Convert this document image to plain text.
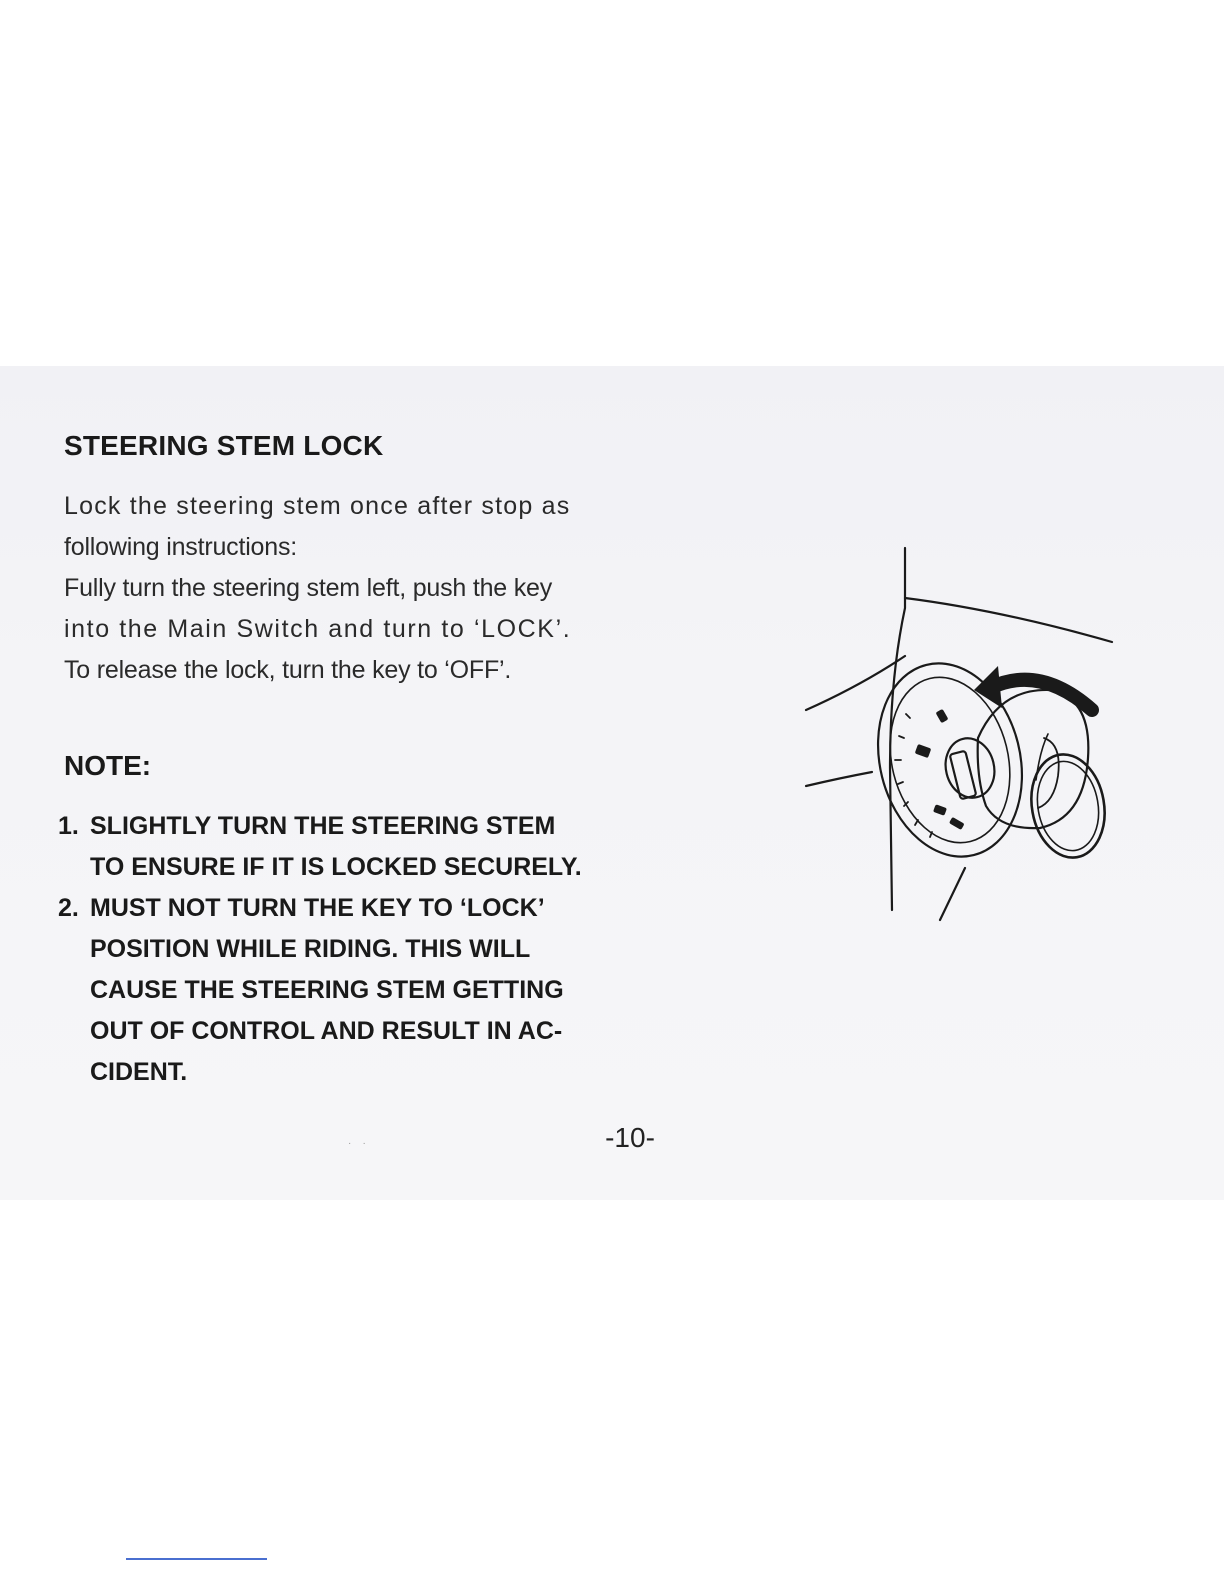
STEERING STEM LOCK
Lock the steering stem once after stop as
following instructions:
Fully turn the steering stem left, push the key
into the Main Switch and turn to ‘LOCK’.
To release the lock, turn the key to ‘OFF’.
NOTE:
1. SLIGHTLY TURN THE STEERING STEM
TO ENSURE IF IT IS LOCKED SECURELY.
2. MUST NOT TURN THE KEY TO ‘LOCK’
POSITION WHILE RIDING. THIS WILL
CAUSE THE STEERING STEM GETTING
OUT OF CONTROL AND RESULT IN AC-
CIDENT.
·    ·	-10-
